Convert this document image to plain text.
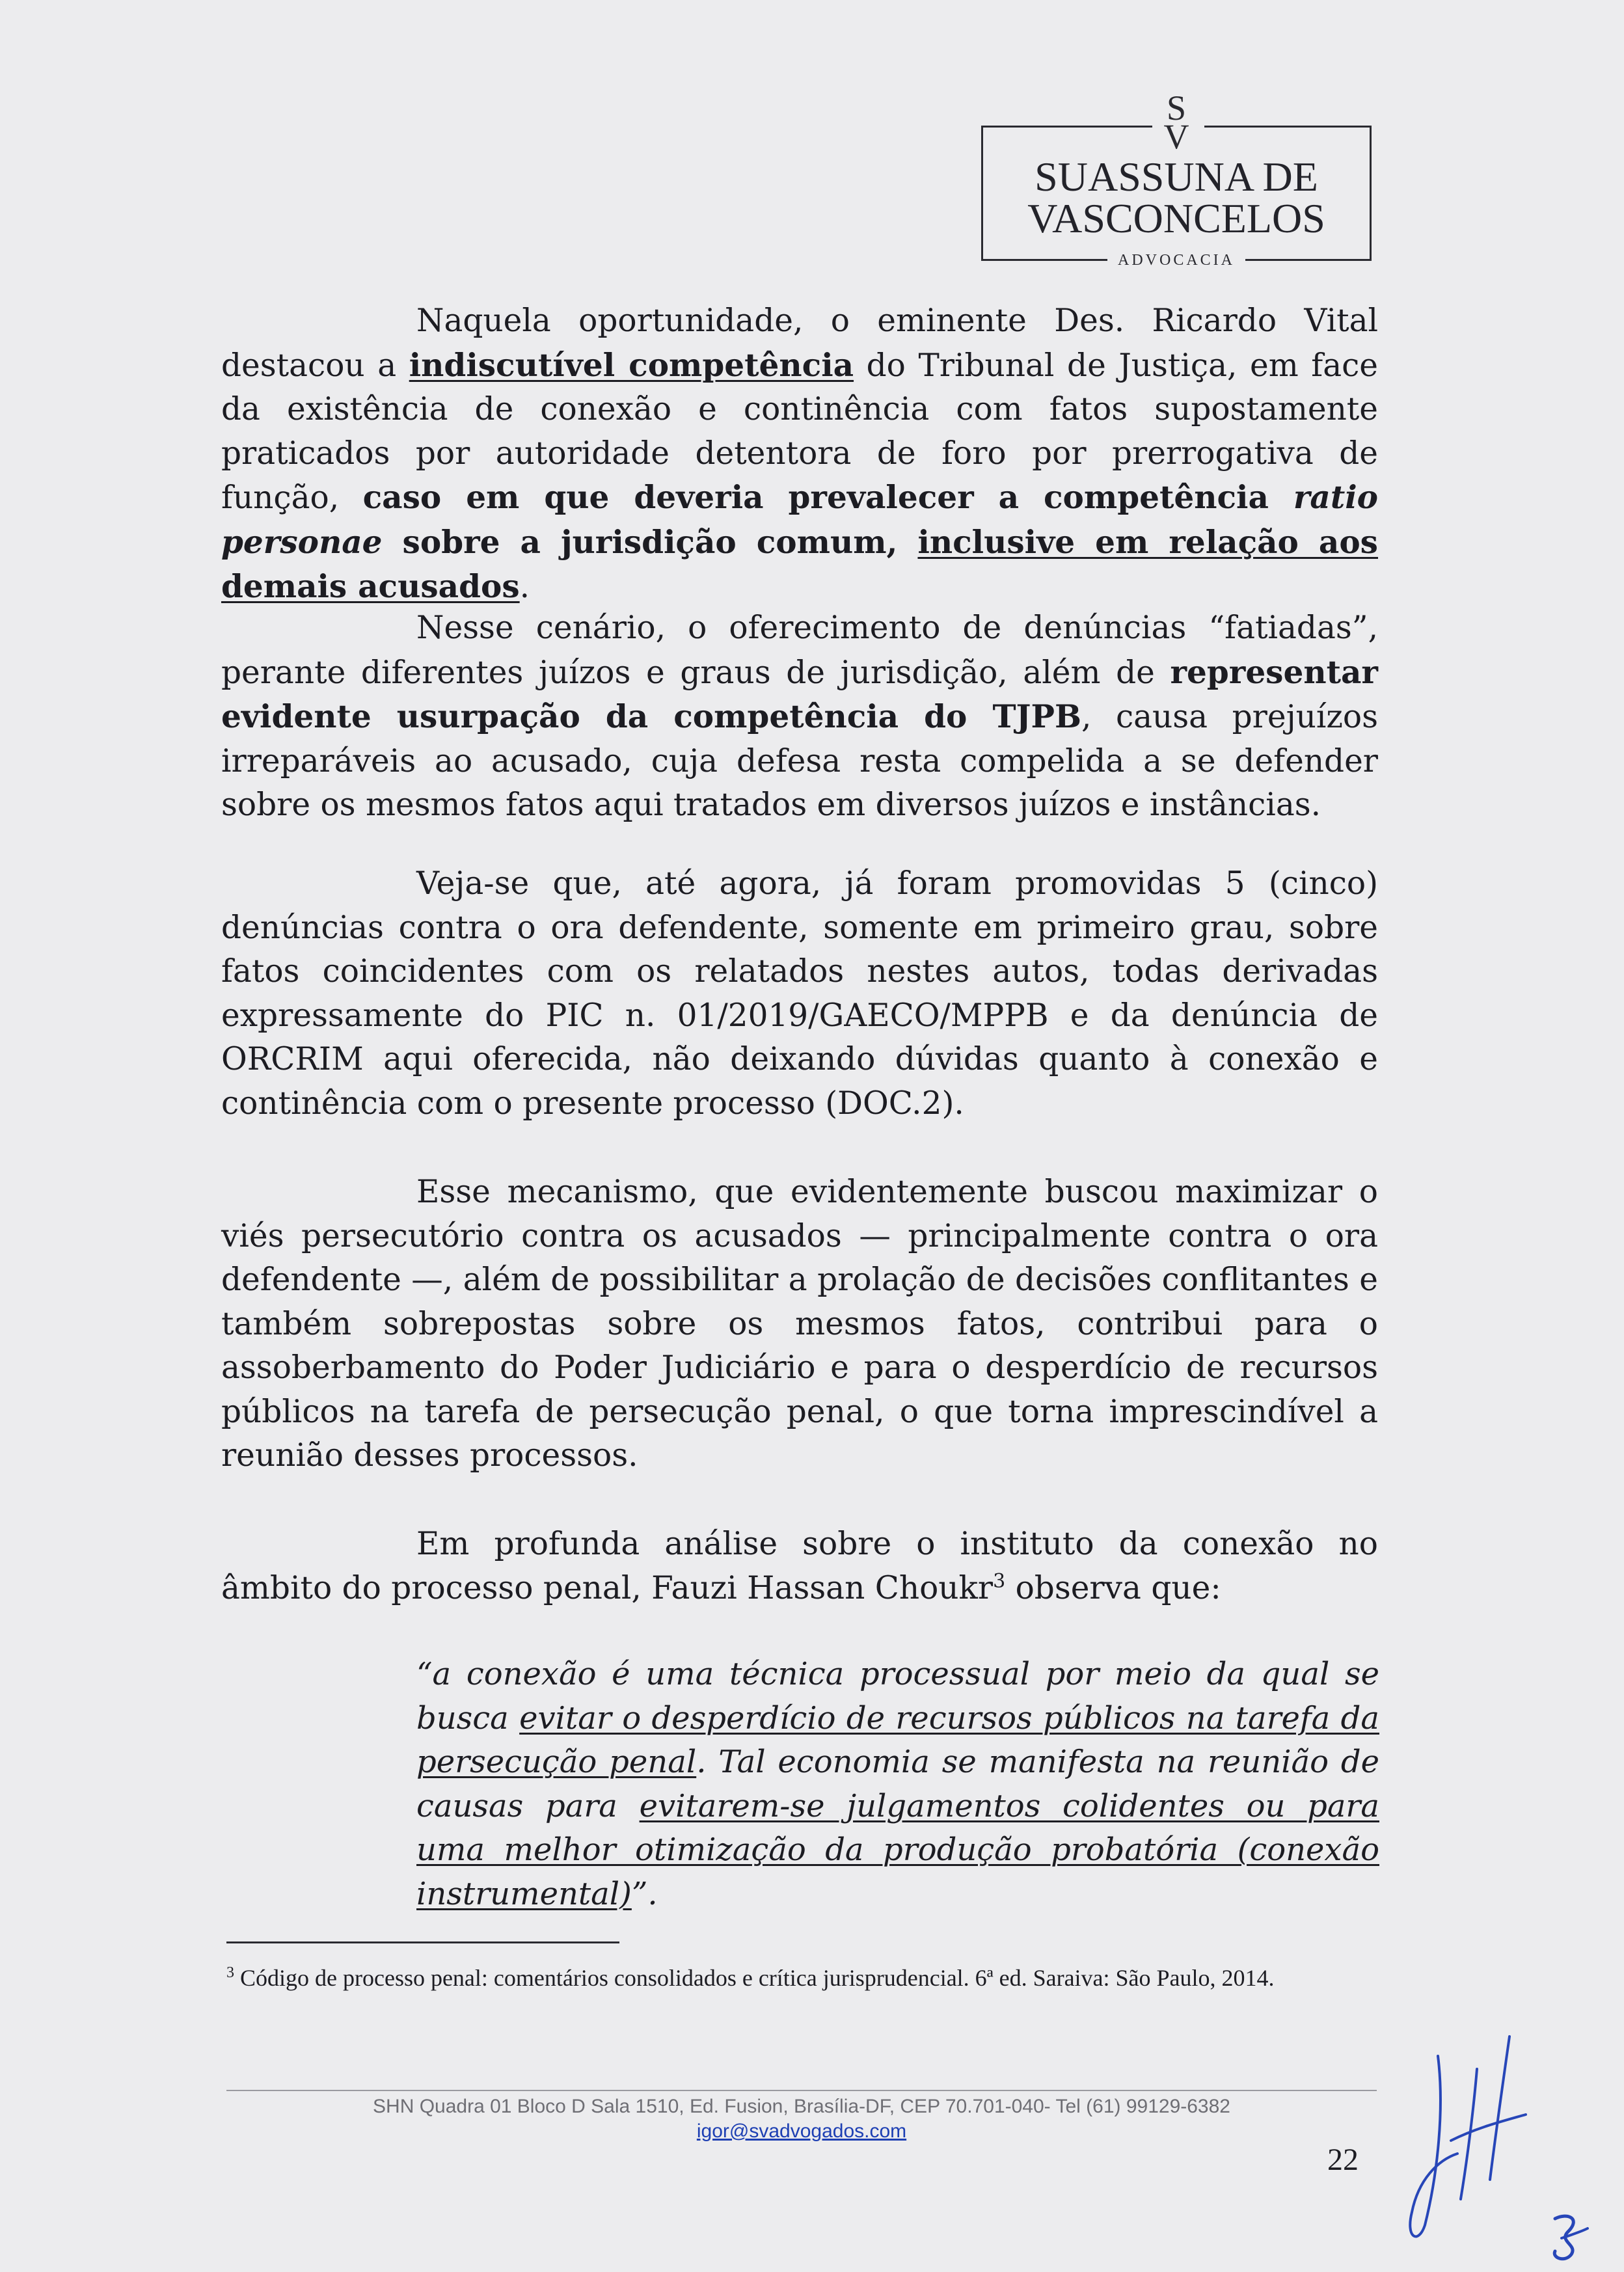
S
V
SUASSUNA DE
VASCONCELOS
ADVOCACIA

Naquela oportunidade, o eminente Des. Ricardo Vital destacou a indiscutível competência do Tribunal de Justiça, em face da existência de conexão e continência com fatos supostamente praticados por autoridade detentora de foro por prerrogativa de função, caso em que deveria prevalecer a competência ratio personae sobre a jurisdição comum, inclusive em relação aos demais acusados.

Nesse cenário, o oferecimento de denúncias “fatiadas”, perante diferentes juízos e graus de jurisdição, além de representar evidente usurpação da competência do TJPB, causa prejuízos irreparáveis ao acusado, cuja defesa resta compelida a se defender sobre os mesmos fatos aqui tratados em diversos juízos e instâncias.

Veja-se que, até agora, já foram promovidas 5 (cinco) denúncias contra o ora defendente, somente em primeiro grau, sobre fatos coincidentes com os relatados nestes autos, todas derivadas expressamente do PIC n. 01/2019/GAECO/MPPB e da denúncia de ORCRIM aqui oferecida, não deixando dúvidas quanto à conexão e continência com o presente processo (DOC.2).

Esse mecanismo, que evidentemente buscou maximizar o viés persecutório contra os acusados — principalmente contra o ora defendente —, além de possibilitar a prolação de decisões conflitantes e também sobrepostas sobre os mesmos fatos, contribui para o assoberbamento do Poder Judiciário e para o desperdício de recursos públicos na tarefa de persecução penal, o que torna imprescindível a reunião desses processos.

Em profunda análise sobre o instituto da conexão no âmbito do processo penal, Fauzi Hassan Choukr$^3$ observa que:

“a conexão é uma técnica processual por meio da qual se busca evitar o desperdício de recursos públicos na tarefa da persecução penal. Tal economia se manifesta na reunião de causas para evitarem-se julgamentos colidentes ou para uma melhor otimização da produção probatória (conexão instrumental)”.

$^3$ Código de processo penal: comentários consolidados e crítica jurisprudencial. 6ª ed. Saraiva: São Paulo, 2014.

SHN Quadra 01 Bloco D Sala 1510, Ed. Fusion, Brasília-DF, CEP 70.701-040- Tel (61) 99129-6382
igor@svadvogados.com
22
